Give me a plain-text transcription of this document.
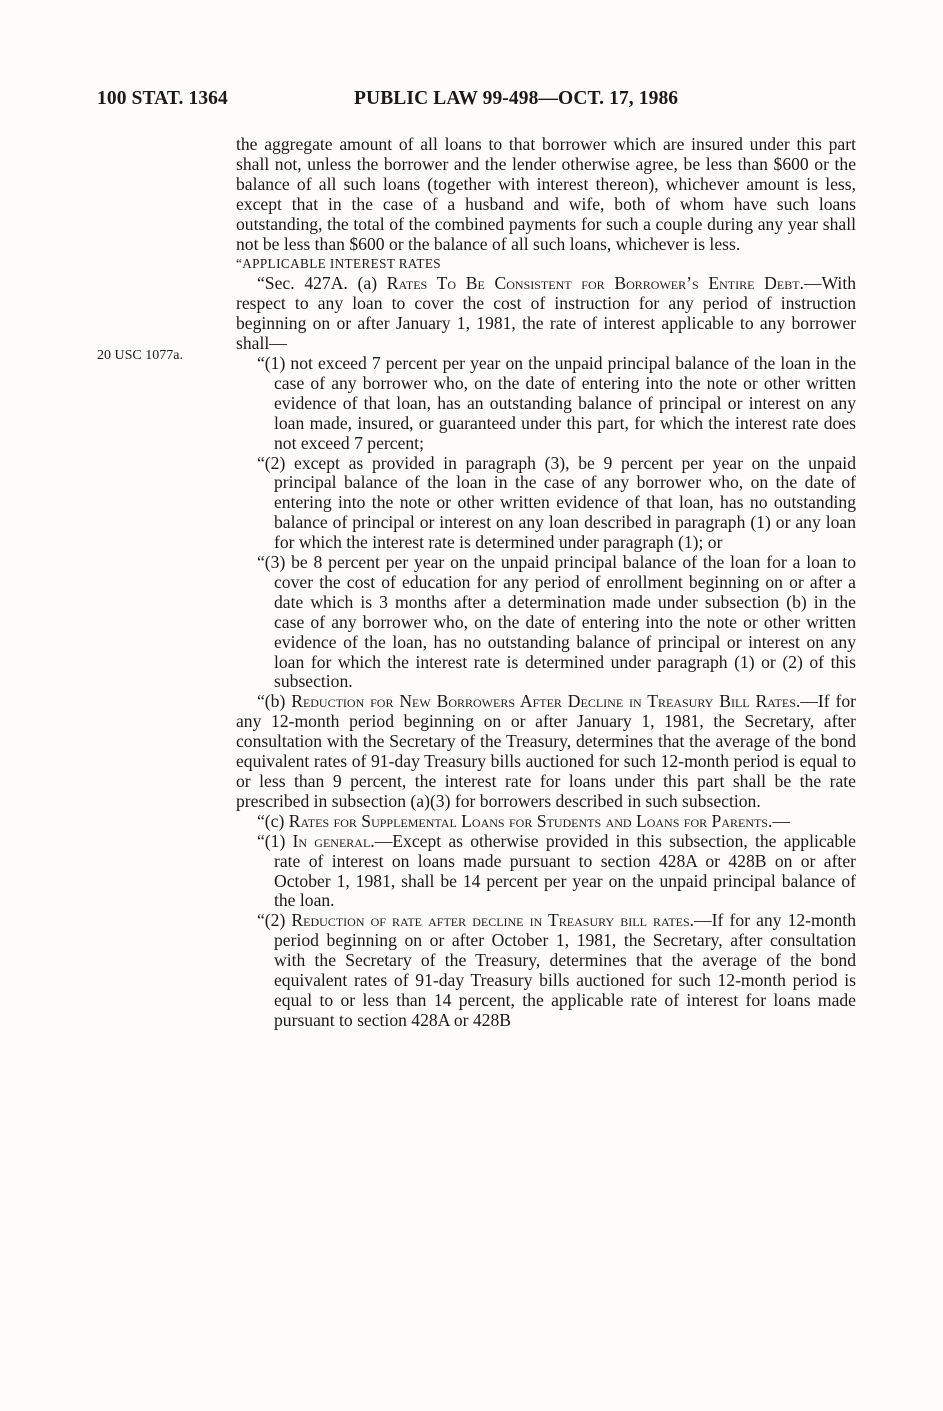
100 STAT. 1364	PUBLIC LAW 99-498—OCT. 17, 1986
20 USC 1077a.

the aggregate amount of all loans to that borrower which are insured under this part shall not, unless the borrower and the lender otherwise agree, be less than $600 or the balance of all such loans (together with interest thereon), whichever amount is less, except that in the case of a husband and wife, both of whom have such loans outstanding, the total of the combined payments for such a couple during any year shall not be less than $600 or the balance of all such loans, whichever is less.

“APPLICABLE INTEREST RATES

“Sec. 427A. (a) Rates To Be Consistent for Borrower’s Entire Debt.—With respect to any loan to cover the cost of instruction for any period of instruction beginning on or after January 1, 1981, the rate of interest applicable to any borrower shall—

“(1) not exceed 7 percent per year on the unpaid principal balance of the loan in the case of any borrower who, on the date of entering into the note or other written evidence of that loan, has an outstanding balance of principal or interest on any loan made, insured, or guaranteed under this part, for which the interest rate does not exceed 7 percent;

“(2) except as provided in paragraph (3), be 9 percent per year on the unpaid principal balance of the loan in the case of any borrower who, on the date of entering into the note or other written evidence of that loan, has no outstanding balance of principal or interest on any loan described in paragraph (1) or any loan for which the interest rate is determined under paragraph (1); or

“(3) be 8 percent per year on the unpaid principal balance of the loan for a loan to cover the cost of education for any period of enrollment beginning on or after a date which is 3 months after a determination made under subsection (b) in the case of any borrower who, on the date of entering into the note or other written evidence of the loan, has no outstanding balance of principal or interest on any loan for which the interest rate is determined under paragraph (1) or (2) of this subsection.

“(b) Reduction for New Borrowers After Decline in Treasury Bill Rates.—If for any 12-month period beginning on or after January 1, 1981, the Secretary, after consultation with the Secretary of the Treasury, determines that the average of the bond equivalent rates of 91-day Treasury bills auctioned for such 12-month period is equal to or less than 9 percent, the interest rate for loans under this part shall be the rate prescribed in subsection (a)(3) for borrowers described in such subsection.

“(c) Rates for Supplemental Loans for Students and Loans for Parents.—

“(1) In general.—Except as otherwise provided in this subsection, the applicable rate of interest on loans made pursuant to section 428A or 428B on or after October 1, 1981, shall be 14 percent per year on the unpaid principal balance of the loan.

“(2) Reduction of rate after decline in Treasury bill rates.—If for any 12-month period beginning on or after October 1, 1981, the Secretary, after consultation with the Secretary of the Treasury, determines that the average of the bond equivalent rates of 91-day Treasury bills auctioned for such 12-month period is equal to or less than 14 percent, the applicable rate of interest for loans made pursuant to section 428A or 428B
